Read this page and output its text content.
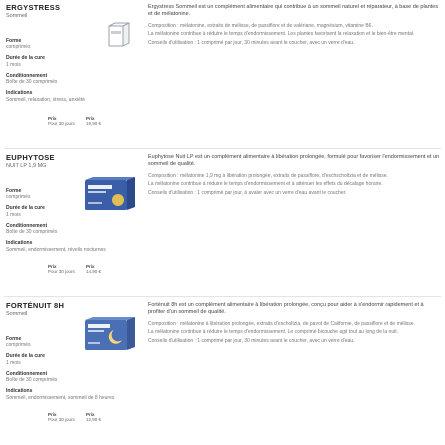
ERGYSTRESS
Sommeil
Forme
comprimés
Durée de la cure
1 mois
Conditionnement
Boîte de 30 comprimés
Indications
Sommeil, relaxation, stress, anxiété
Prix
Pour 30 jours
Prix
19,90 €
Ergystress Sommeil est un complément alimentaire qui contribue à un sommeil naturel et réparateur, à base de plantes et de mélatonine.

Composition : mélatonine, extraits de mélisse, de passiflore et de valériane, magnésium, vitamine B6.

La mélatonine contribue à réduire le temps d'endormissement. Les plantes favorisent la relaxation et le bien-être mental.

Conseils d'utilisation : 1 comprimé par jour, 30 minutes avant le coucher, avec un verre d'eau.

EUPHYTOSE
NUIT LP 1,9 MG
Forme
comprimés
Durée de la cure
1 mois
Conditionnement
Boîte de 30 comprimés
Indications
Sommeil, endormissement, réveils nocturnes
Prix
Pour 30 jours
Prix
14,90 €
Euphytose Nuit LP est un complément alimentaire à libération prolongée, formulé pour favoriser l'endormissement et un sommeil de qualité.

Composition : mélatonine 1,9 mg à libération prolongée, extraits de passiflore, d'eschscholtzia et de mélisse.

La mélatonine contribue à réduire le temps d'endormissement et à atténuer les effets du décalage horaire.

Conseils d'utilisation : 1 comprimé par jour, à avaler avec un verre d'eau avant le coucher.

FORTÉNUIT 8H
Sommeil
Forme
comprimés
Durée de la cure
1 mois
Conditionnement
Boîte de 30 comprimés
Indications
Sommeil, endormissement, sommeil de 8 heures
Prix
Pour 30 jours
Prix
12,90 €
Forténuit 8h est un complément alimentaire à libération prolongée, conçu pour aider à s'endormir rapidement et à profiter d'un sommeil de qualité.

Composition : mélatonine à libération prolongée, extraits d'escholtzia, de pavot de Californie, de passiflore et de mélisse.

La mélatonine contribue à réduire le temps d'endormissement. Le comprimé bicouche agit tout au long de la nuit.

Conseils d'utilisation : 1 comprimé par jour, 30 minutes avant le coucher, avec un verre d'eau.
